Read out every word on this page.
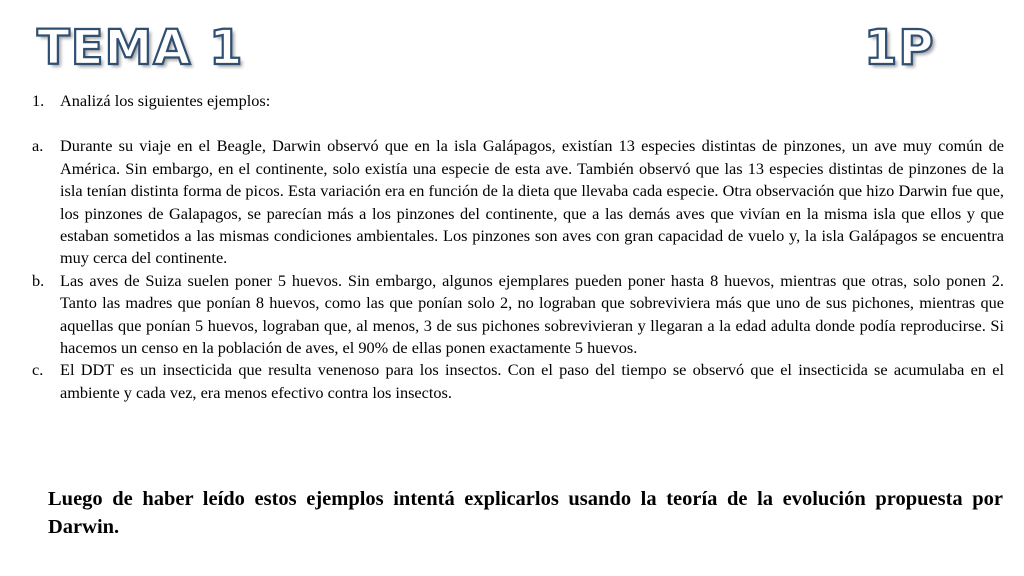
TEMA 1	1P
1. Analizá los siguientes ejemplos:
a.	Durante su viaje en el Beagle, Darwin observó que en la isla Galápagos, existían 13 especies distintas de pinzones, un ave muy común de América. Sin embargo, en el continente, solo existía una especie de esta ave. También observó que las 13 especies distintas de pinzones de la isla tenían distinta forma de picos. Esta variación era en función de la dieta que llevaba cada especie. Otra observación que hizo Darwin fue que, los pinzones de Galapagos, se parecían más a los pinzones del continente, que a las demás aves que vivían en la misma isla que ellos y que estaban sometidos a las mismas condiciones ambientales. Los pinzones son aves con gran capacidad de vuelo y, la isla Galápagos se encuentra muy cerca del continente.
b. Las aves de Suiza suelen poner 5 huevos. Sin embargo, algunos ejemplares pueden poner hasta 8 huevos, mientras que otras, solo ponen 2. Tanto las madres que ponían 8 huevos, como las que ponían solo 2, no lograban que sobreviviera más que uno de sus pichones, mientras que aquellas que ponían 5 huevos, lograban que, al menos, 3 de sus pichones sobrevivieran y llegaran a la edad adulta donde podía reproducirse. Si hacemos un censo en la población de aves, el 90% de ellas ponen exactamente 5 huevos.
c.	El DDT es un insecticida que resulta venenoso para los insectos. Con el paso del tiempo se observó que el insecticida se acumulaba en el ambiente y cada vez, era menos efectivo contra los insectos.
Luego de haber leído estos ejemplos intentá explicarlos usando la teoría de la evolución propuesta por Darwin.
